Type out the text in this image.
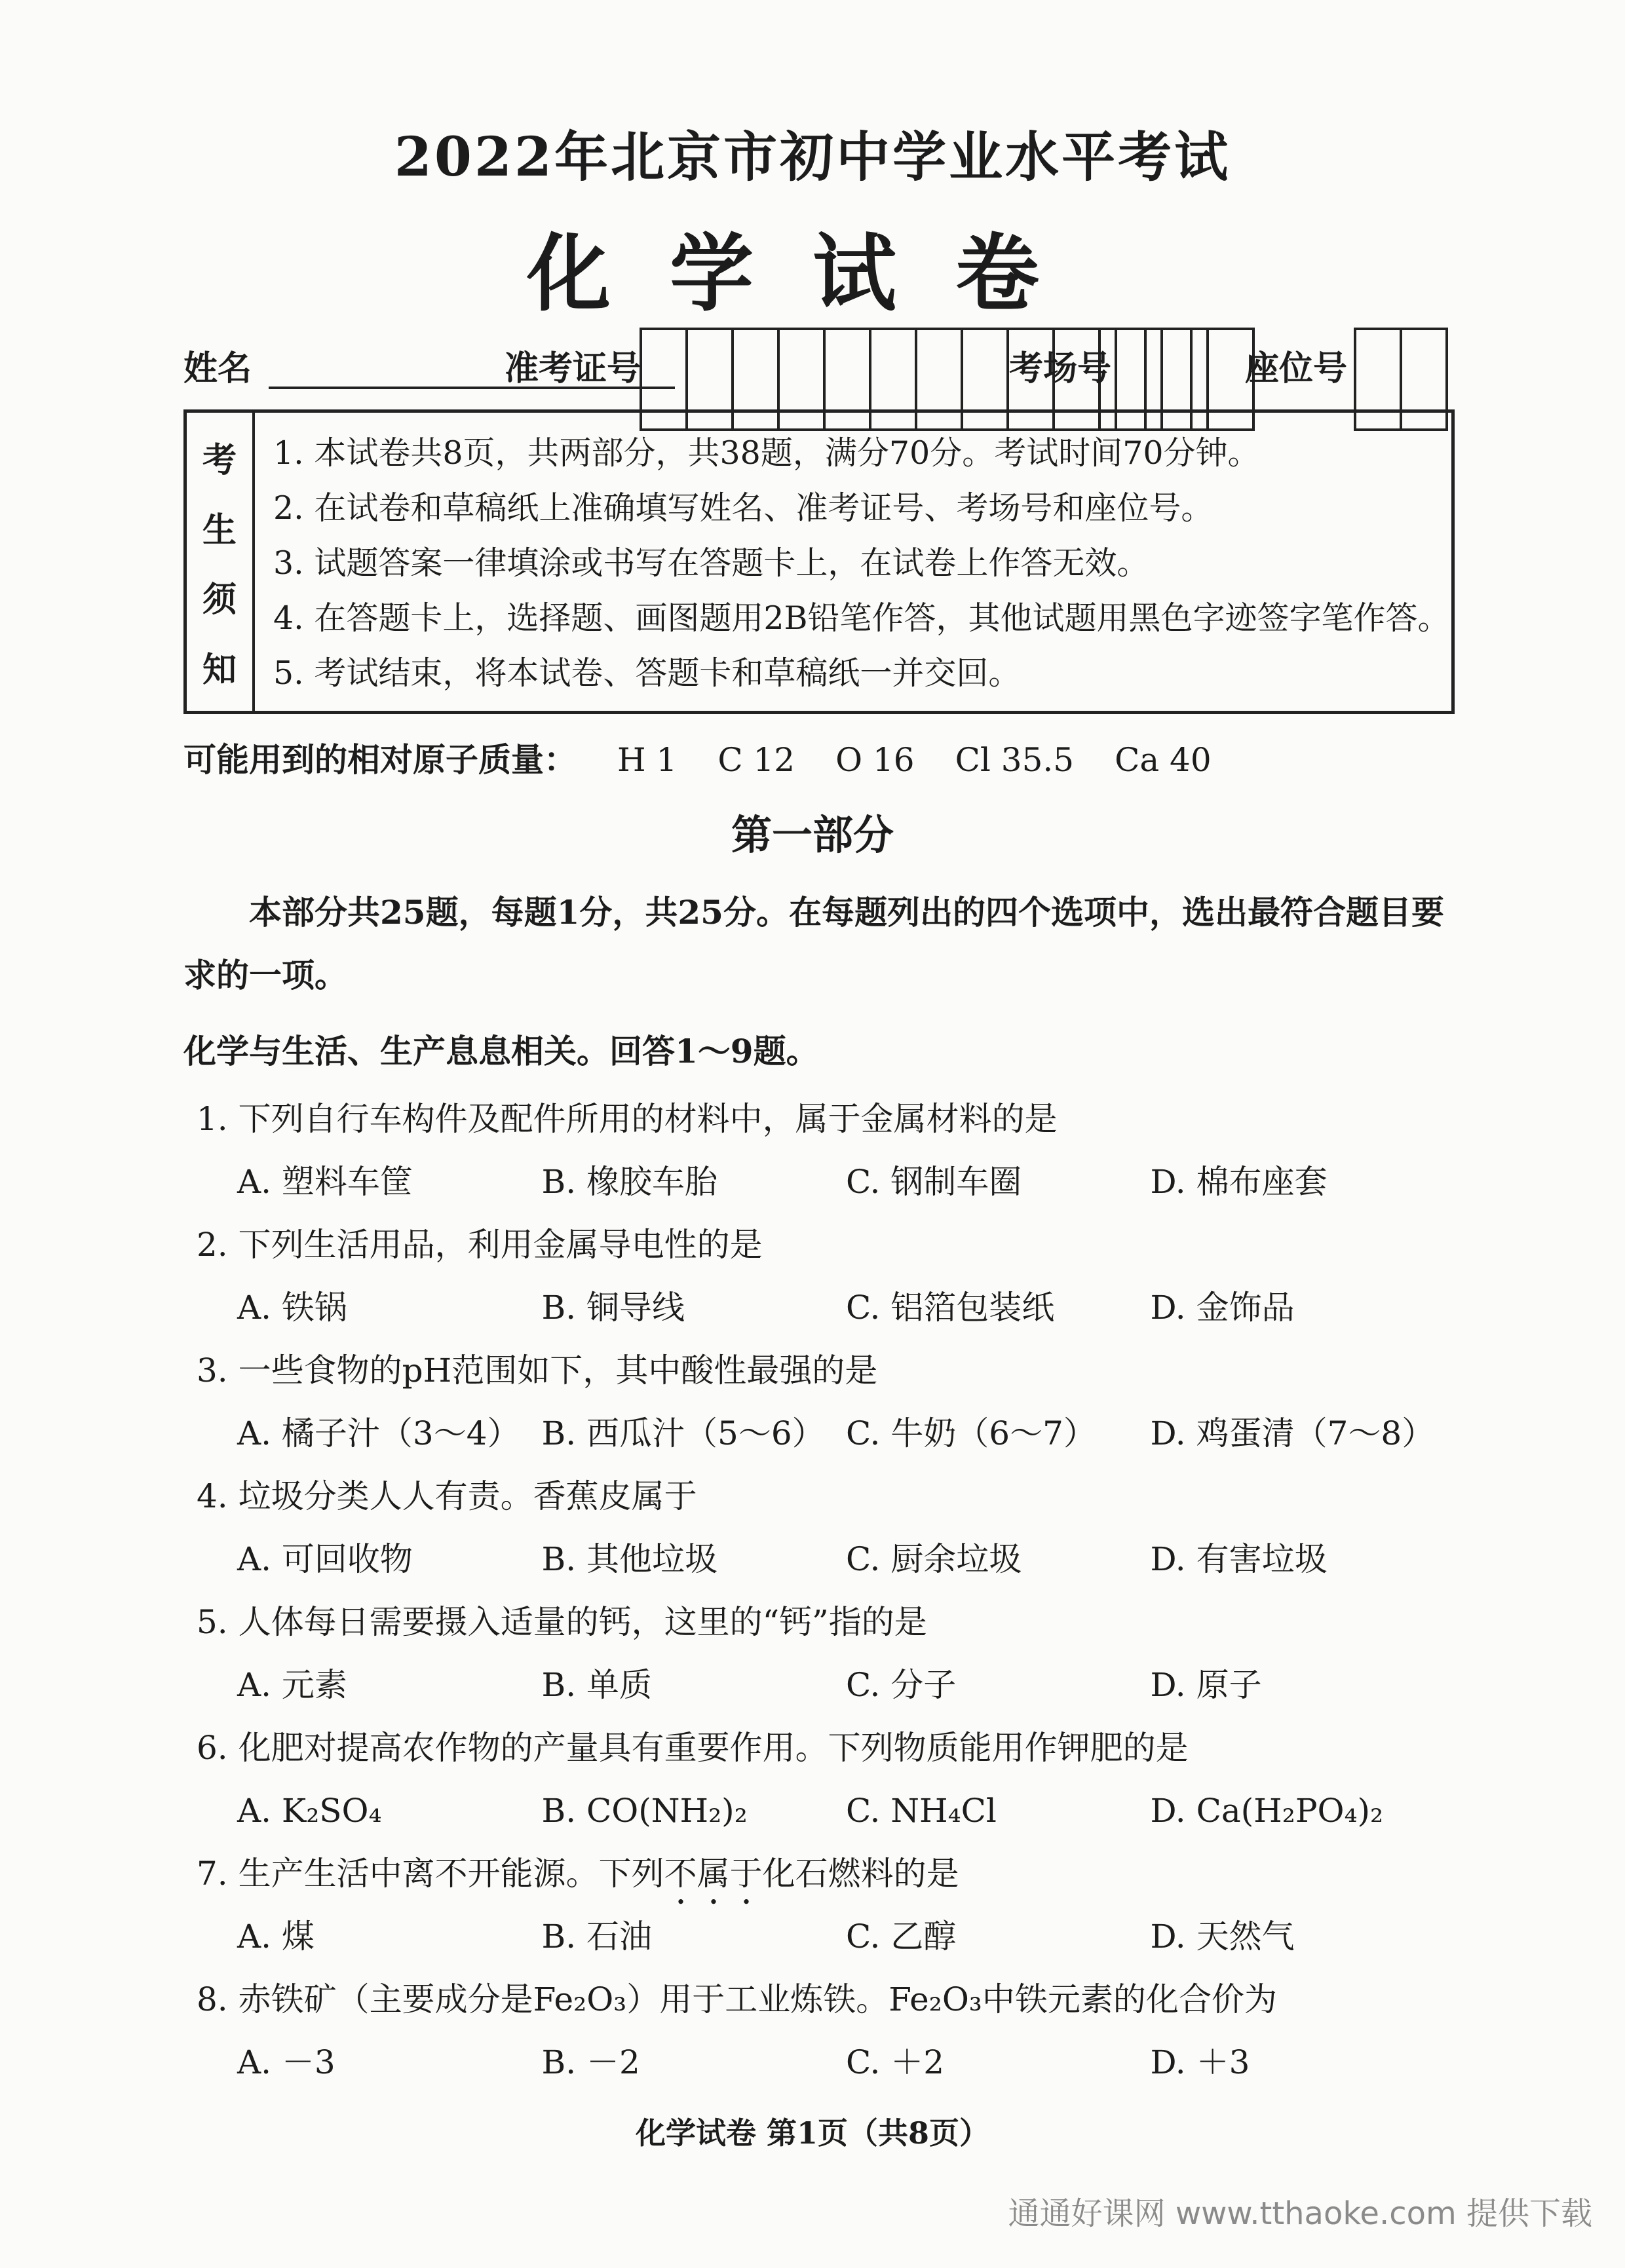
2022年北京市初中学业水平考试
化学试卷
姓名	准考证号	考场号	座位号
考
生
须
知
1. 本试卷共8页，共两部分，共38题，满分70分。考试时间70分钟。
2. 在试卷和草稿纸上准确填写姓名、准考证号、考场号和座位号。
3. 试题答案一律填涂或书写在答题卡上，在试卷上作答无效。
4. 在答题卡上，选择题、画图题用2B铅笔作答，其他试题用黑色字迹签字笔作答。
5. 考试结束，将本试卷、答题卡和草稿纸一并交回。
可能用到的相对原子质量： H 1 C 12 O 16 Cl 35.5 Ca 40
第一部分
本部分共25题，每题1分，共25分。在每题列出的四个选项中，选出最符合题目要求的一项。
化学与生活、生产息息相关。回答1～9题。
1. 下列自行车构件及配件所用的材料中，属于金属材料的是
A. 塑料车筐	B. 橡胶车胎	C. 钢制车圈	D. 棉布座套
2. 下列生活用品，利用金属导电性的是
A. 铁锅	B. 铜导线	C. 铝箔包装纸	D. 金饰品
3. 一些食物的pH范围如下，其中酸性最强的是
A. 橘子汁（3～4） B. 西瓜汁（5～6） C. 牛奶（6～7）	D. 鸡蛋清（7～8）
4. 垃圾分类人人有责。香蕉皮属于
A. 可回收物	B. 其他垃圾	C. 厨余垃圾	D. 有害垃圾
5. 人体每日需要摄入适量的钙，这里的“钙”指的是
A. 元素	B. 单质	C. 分子	D. 原子
6. 化肥对提高农作物的产量具有重要作用。下列物质能用作钾肥的是
A. K₂SO₄	B. CO(NH₂)₂	C. NH₄Cl	D. Ca(H₂PO₄)₂
7. 生产生活中离不开能源。下列不属于化石燃料的是
A. 煤	B. 石油	C. 乙醇	D. 天然气
8. 赤铁矿（主要成分是Fe₂O₃）用于工业炼铁。Fe₂O₃中铁元素的化合价为
A. －3	B. －2	C. ＋2	D. ＋3
化学试卷 第1页（共8页）
通通好课网 www.tthaoke.com 提供下载
